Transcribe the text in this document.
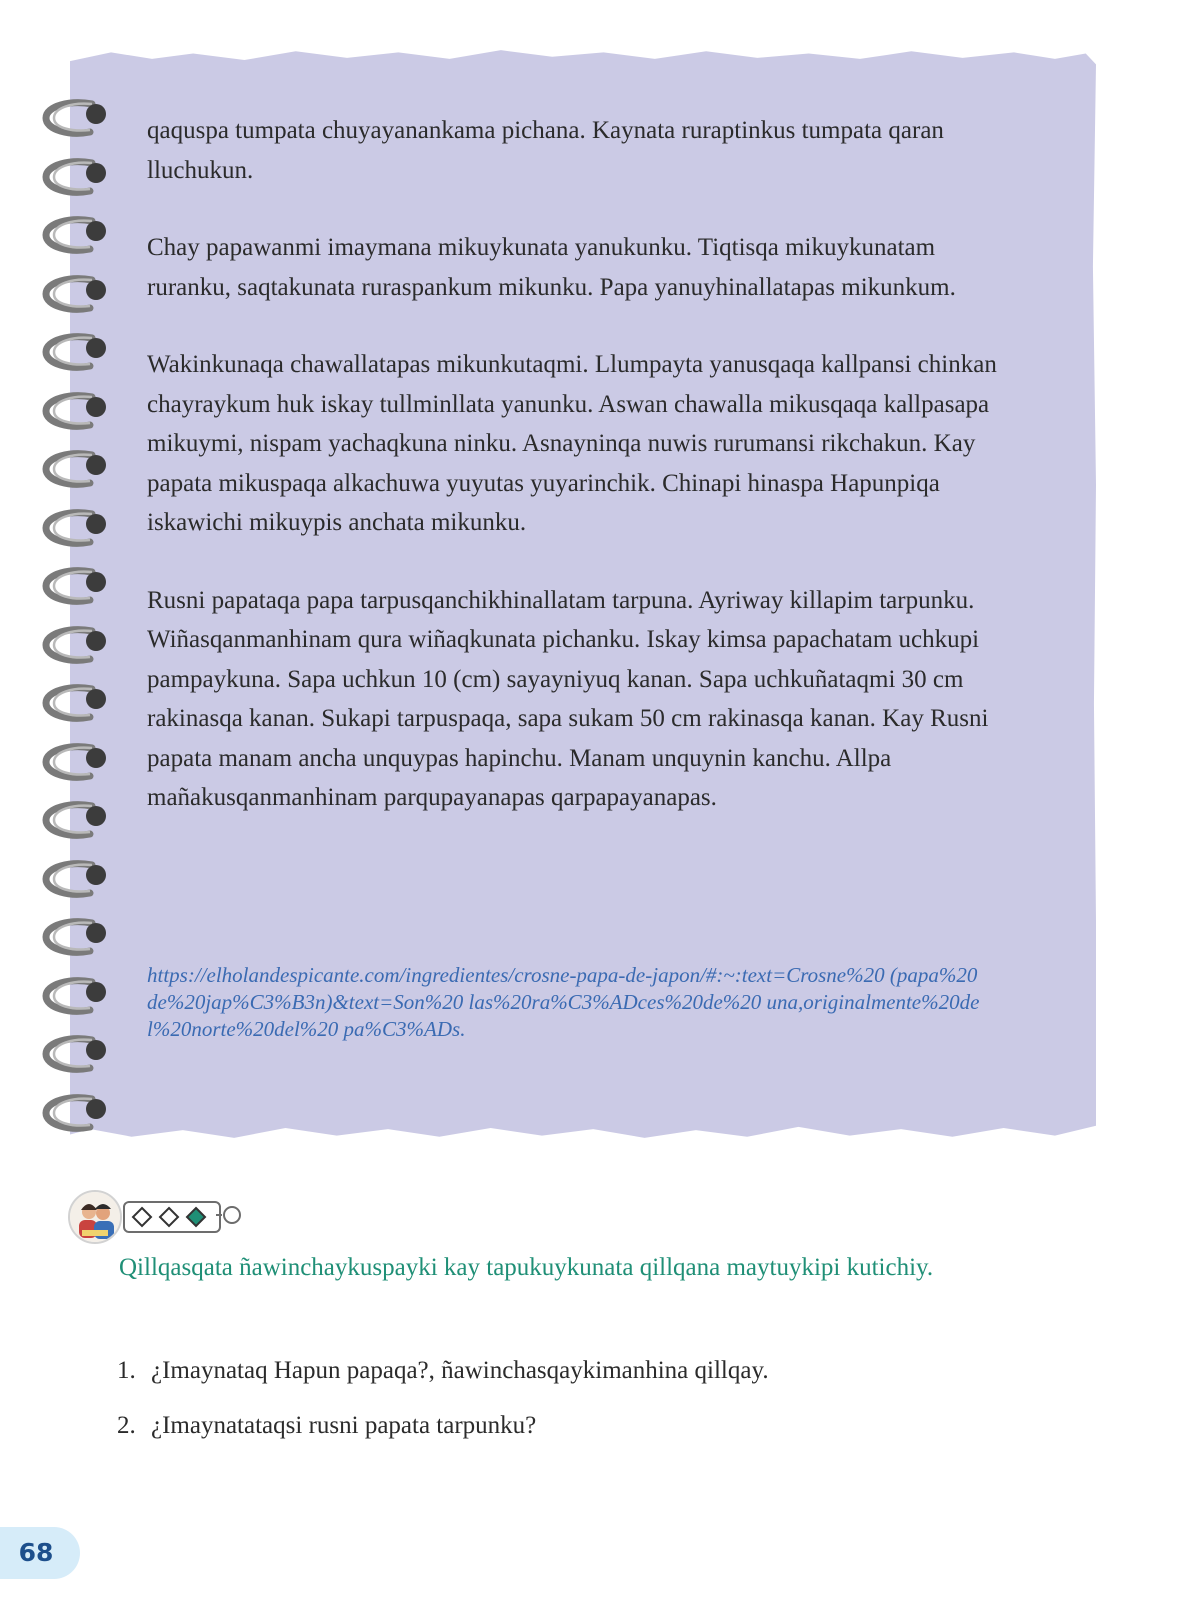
qaquspa tumpata chuyayanankama pichana. Kaynata ruraptinkus tumpata qaran lluchukun.

Chay papawanmi imaymana mikuykunata yanukunku. Tiqtisqa mikuykunatam ruranku, saqtakunata ruraspankum mikunku. Papa yanuyhinallatapas mikunkum.

Wakinkunaqa chawallatapas mikunkutaqmi. Llumpayta yanusqaqa kallpansi chinkan chayraykum huk iskay tullminllata yanunku. Aswan chawalla mikusqaqa kallpasapa mikuymi, nispam yachaqkuna ninku. Asnayninqa nuwis rurumansi rikchakun. Kay papata mikuspaqa alkachuwa yuyutas yuyarinchik. Chinapi hinaspa Hapunpiqa iskawichi mikuypis anchata mikunku.

Rusni papataqa papa tarpusqanchikhinallatam tarpuna. Ayriway killapim tarpunku. Wiñasqanmanhinam qura wiñaqkunata pichanku. Iskay kimsa papachatam uchkupi pampaykuna. Sapa uchkun 10 (cm) sayayniyuq kanan. Sapa uchkuñataqmi 30 cm rakinasqa kanan. Sukapi tarpuspaqa, sapa sukam 50 cm rakinasqa kanan. Kay Rusni papata manam ancha unquypas hapinchu. Manam unquynin kanchu. Allpa mañakusqanmanhinam parqupayanapas qarpapayanapas.

https://elholandespicante.com/ingredientes/crosne-papa-de-japon/#:~:text=Crosne%20 (papa%20de%20jap%C3%B3n)&text=Son%20 las%20ra%C3%ADces%20de%20 una,originalmente%20del%20norte%20del%20 pa%C3%ADs.
Qillqasqata ñawinchaykuspayki kay tapukuykunata qillqana maytuykipi kutichiy.
1. ¿Imaynataq Hapun papaqa?, ñawinchasqaykimanhina qillqay.
2. ¿Imaynatataqsi rusni papata tarpunku?
68
